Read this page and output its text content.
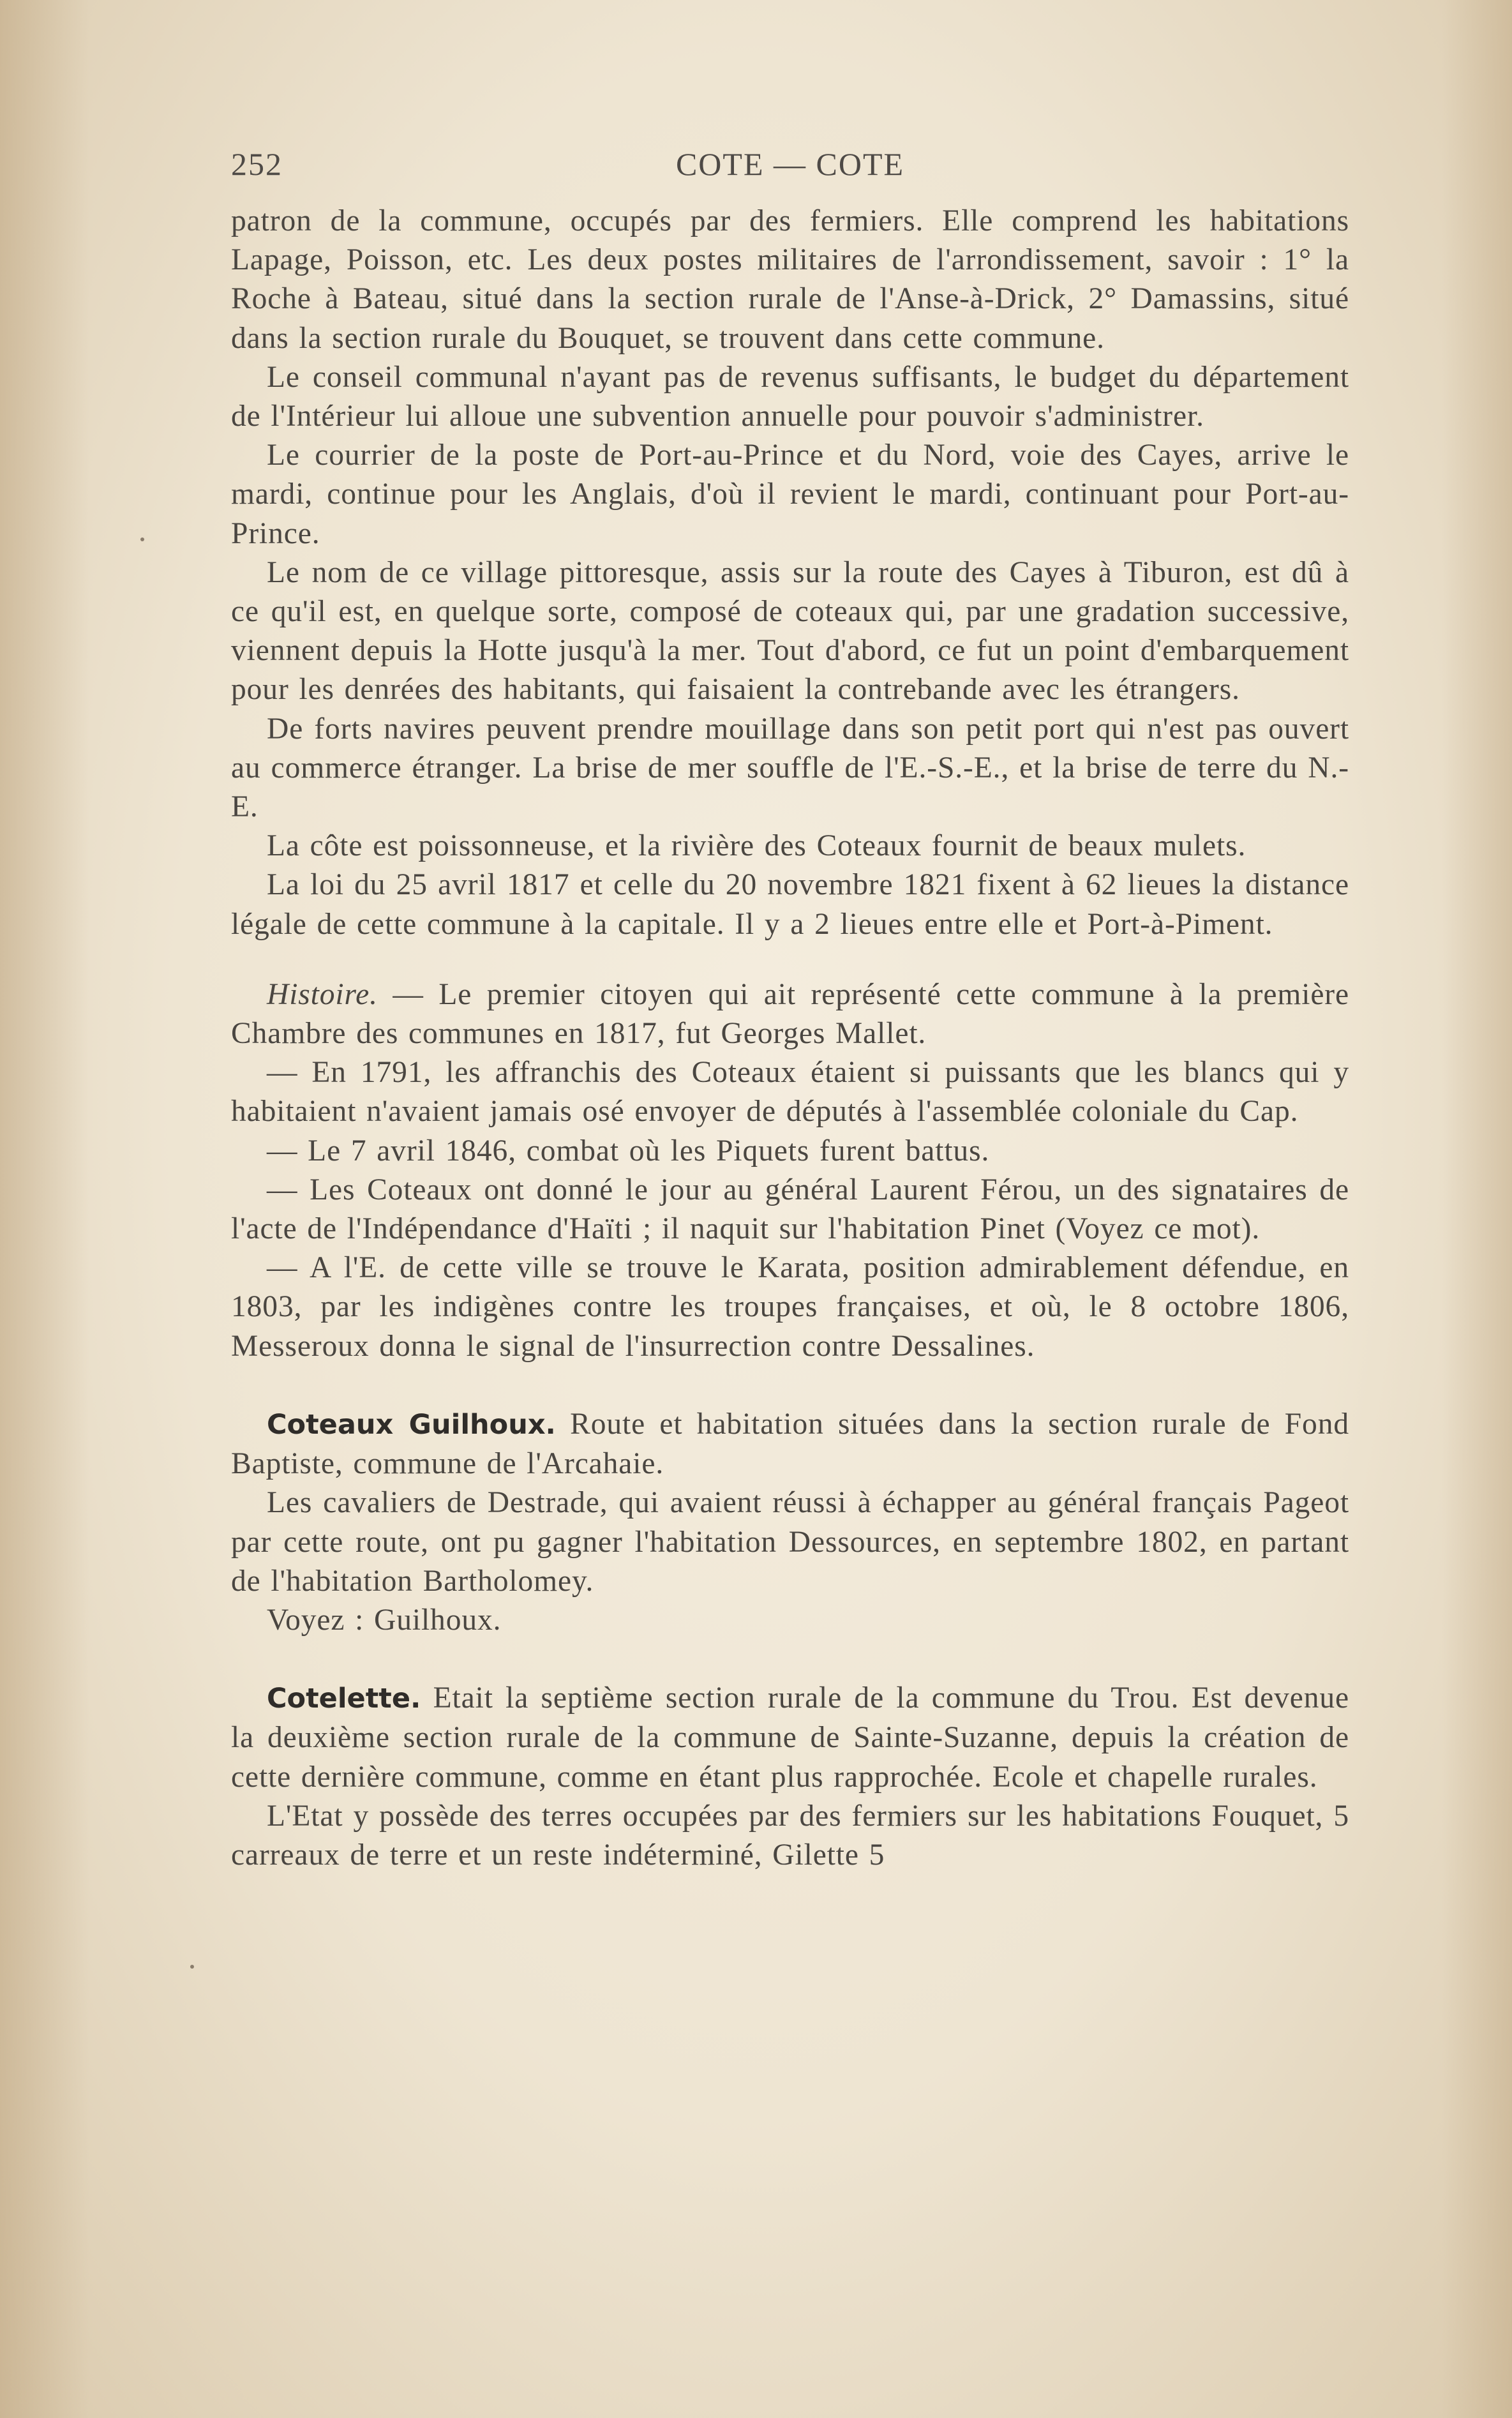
252	COTE — COTE

patron de la commune, occupés par des fermiers. Elle comprend les habitations Lapage, Poisson, etc. Les deux postes militaires de l'arrondissement, savoir : 1° la Roche à Bateau, situé dans la section rurale de l'Anse-à-Drick, 2° Damassins, situé dans la section rurale du Bouquet, se trouvent dans cette commune.

Le conseil communal n'ayant pas de revenus suffisants, le budget du département de l'Intérieur lui alloue une subvention annuelle pour pouvoir s'administrer.

Le courrier de la poste de Port-au-Prince et du Nord, voie des Cayes, arrive le mardi, continue pour les Anglais, d'où il revient le mardi, continuant pour Port-au-Prince.

Le nom de ce village pittoresque, assis sur la route des Cayes à Tiburon, est dû à ce qu'il est, en quelque sorte, composé de coteaux qui, par une gradation successive, viennent depuis la Hotte jusqu'à la mer. Tout d'abord, ce fut un point d'embarquement pour les denrées des habitants, qui faisaient la contrebande avec les étrangers.

De forts navires peuvent prendre mouillage dans son petit port qui n'est pas ouvert au commerce étranger. La brise de mer souffle de l'E.-S.-E., et la brise de terre du N.-E.

La côte est poissonneuse, et la rivière des Coteaux fournit de beaux mulets.

La loi du 25 avril 1817 et celle du 20 novembre 1821 fixent à 62 lieues la distance légale de cette commune à la capitale. Il y a 2 lieues entre elle et Port-à-Piment.

Histoire. — Le premier citoyen qui ait représenté cette commune à la première Chambre des communes en 1817, fut Georges Mallet.

— En 1791, les affranchis des Coteaux étaient si puissants que les blancs qui y habitaient n'avaient jamais osé envoyer de députés à l'assemblée coloniale du Cap.

— Le 7 avril 1846, combat où les Piquets furent battus.

— Les Coteaux ont donné le jour au général Laurent Férou, un des signataires de l'acte de l'Indépendance d'Haïti ; il naquit sur l'habitation Pinet (Voyez ce mot).

— A l'E. de cette ville se trouve le Karata, position admirablement défendue, en 1803, par les indigènes contre les troupes françaises, et où, le 8 octobre 1806, Messeroux donna le signal de l'insurrection contre Dessalines.

Coteaux Guilhoux. Route et habitation situées dans la section rurale de Fond Baptiste, commune de l'Arcahaie.

Les cavaliers de Destrade, qui avaient réussi à échapper au général français Pageot par cette route, ont pu gagner l'habitation Dessources, en septembre 1802, en partant de l'habitation Bartholomey.

Voyez : Guilhoux.

Cotelette. Etait la septième section rurale de la commune du Trou. Est devenue la deuxième section rurale de la commune de Sainte-Suzanne, depuis la création de cette dernière commune, comme en étant plus rapprochée. Ecole et chapelle rurales.

L'Etat y possède des terres occupées par des fermiers sur les habitations Fouquet, 5 carreaux de terre et un reste indéterminé, Gilette 5
